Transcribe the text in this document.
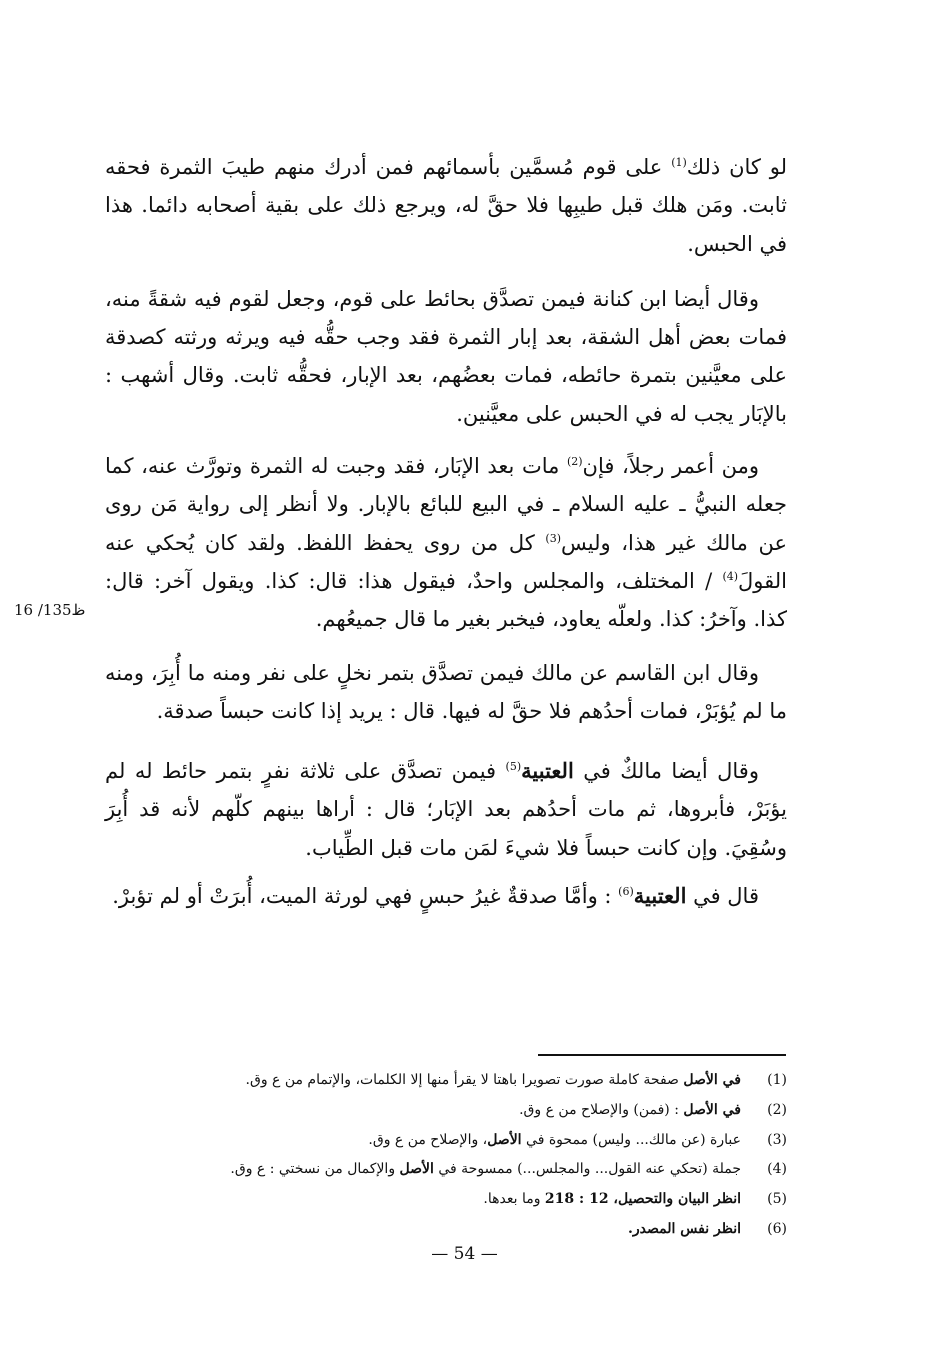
لو كان ذلك$^{(1)}$ على قوم مُسمَّين بأسمائهم فمن أدرك منهم طيبَ الثمرة فحقه ثابت. ومَن هلك قبل طيبِها فلا حقَّ له، ويرجع ذلك على بقية أصحابه دائما. هذا في الحبس.

وقال أيضا ابن كنانة فيمن تصدَّق بحائط على قوم، وجعل لقوم فيه شقةً منه، فمات بعض أهل الشقة، بعد إبار الثمرة فقد وجب حقُّه فيه ويرثه ورثته كصدقة على معيَّنين بتمرة حائطه، فمات بعضُهم، بعد الإبار، فحقُّه ثابت. وقال أشهب : بالإبَار يجب له في الحبس على معيَّنين.

ومن أعمر رجلاً، فإن$^{(2)}$ مات بعد الإبَار، فقد وجبت له الثمرة وتورَّث عنه، كما جعله النبيُّ ـ عليه السلام ـ في البيع للبائع بالإبار. ولا أنظر إلى رواية مَن روى عن مالك غير هذا، وليس$^{(3)}$ كل من روى يحفظ اللفظ. ولقد كان يُحكي عنه القولَ$^{(4)}$ / المختلف، والمجلس واحدٌ، فيقول هذا: قال: كذا. ويقول آخر: قال: كذا. وآخرُ: كذا. ولعلّه يعاود، فيخبر بغير ما قال جميعُهم.

وقال ابن القاسم عن مالك فيمن تصدَّق بتمر نخلٍ على نفر ومنه ما أُبِرَ، ومنه ما لم يُؤبَرْ، فمات أحدُهم فلا حقَّ له فيها. قال : يريد إذا كانت حبساً صدقة.

وقال أيضا مالكٌ في العتبية$^{(5)}$ فيمن تصدَّق على ثلاثة نفرٍ بتمر حائط له لم يؤبَرْ، فأبروها، ثم مات أحدُهم بعد الإبَار؛ قال : أراها بينهم كلّهم لأنه قد أُبِرَ وسُقِيَ. وإن كانت حبساً فلا شيءَ لمَن مات قبل الطِّياب.

قال في العتبية$^{(6)}$ : وأمَّا صدقةٌ غيرُ حبسٍ فهي لورثة الميت، أُبرَتْ أو لم تؤبرْ.

16 /135ظ
(1)
في الأصل صفحة كاملة صورت تصويرا باهتا لا يقرأ منها إلا الكلمات، والإتمام من ع وق.
(2)
في الأصل : (فمن) والإصلاح من ع وق.
(3)
عبارة (عن مالك... وليس) ممحوة في الأصل، والإصلاح من ع وق.
(4)
جملة (تحكي عنه القول... والمجلس...) ممسوحة في الأصل والإكمال من نسختي : ع وق.
(5)
انظر البيان والتحصيل، 12 : 218 وما بعدها.
(6)
انظر نفس المصدر.
— 54 —
